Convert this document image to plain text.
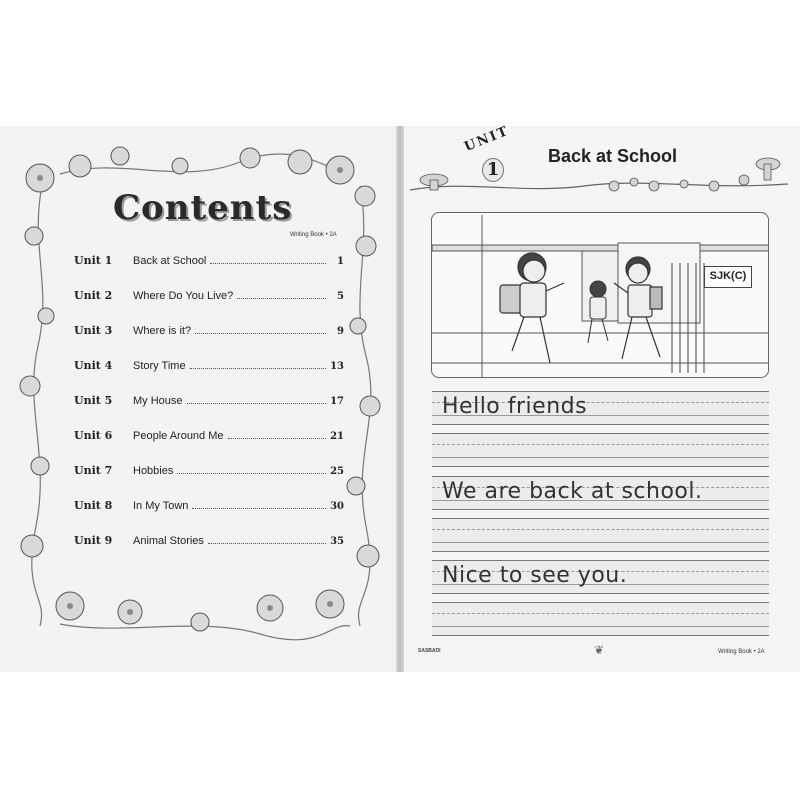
Contents
Writing Book • 2A
Unit 1	Back at School	1
Unit 2	Where Do You Live?	5
Unit 3	Where is it?	9
Unit 4	Story Time	13
Unit 5	My House	17
Unit 6	People Around Me	21
Unit 7	Hobbies	25
Unit 8	In My Town	30
Unit 9	Animal Stories	35
UNIT
1
Back at School
SJK(C)
Hello friends
We are back at school.
Nice to see you.
SASBADI	❦	Writing Book • 2A
